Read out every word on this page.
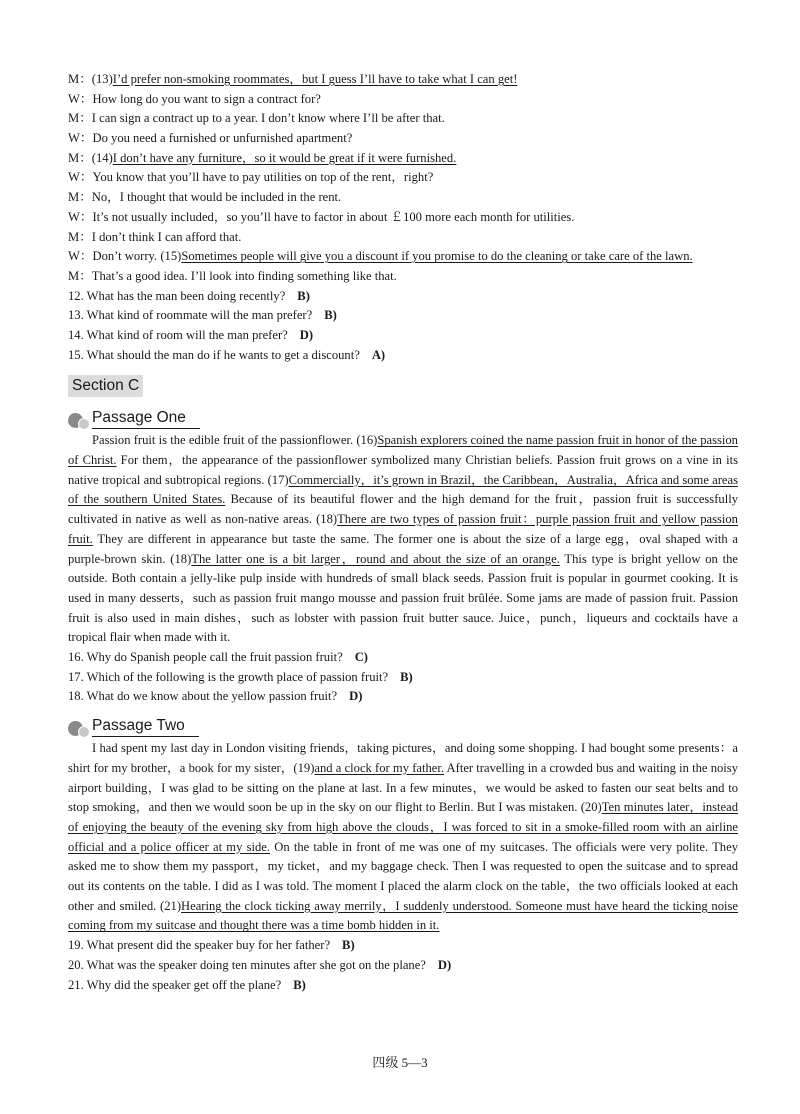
M：(13)I’d prefer non-smoking roommates，but I guess I’ll have to take what I can get!
W：How long do you want to sign a contract for?
M：I can sign a contract up to a year. I don’t know where I’ll be after that.
W：Do you need a furnished or unfurnished apartment?
M：(14)I don’t have any furniture，so it would be great if it were furnished.
W：You know that you’ll have to pay utilities on top of the rent，right?
M：No，I thought that would be included in the rent.
W：It’s not usually included，so you’ll have to factor in about ￡100 more each month for utilities.
M：I don’t think I can afford that.
W：Don’t worry. (15)Sometimes people will give you a discount if you promise to do the cleaning or take care of the lawn.
M：That’s a good idea. I’ll look into finding something like that.
12. What has the man been doing recently? B)
13. What kind of roommate will the man prefer? B)
14. What kind of room will the man prefer? D)
15. What should the man do if he wants to get a discount? A)
Section C
Passage One
Passion fruit is the edible fruit of the passionflower. (16)Spanish explorers coined the name passion fruit in honor of the passion of Christ. For them，the appearance of the passionflower symbolized many Christian beliefs. Passion fruit grows on a vine in its native tropical and subtropical regions. (17)Commercially，it’s grown in Brazil，the Caribbean，Australia，Africa and some areas of the southern United States. Because of its beautiful flower and the high demand for the fruit，passion fruit is successfully cultivated in native as well as non-native areas. (18)There are two types of passion fruit：purple passion fruit and yellow passion fruit. They are different in appearance but taste the same. The former one is about the size of a large egg，oval shaped with a purple-brown skin. (18)The latter one is a bit larger，round and about the size of an orange. This type is bright yellow on the outside. Both contain a jelly-like pulp inside with hundreds of small black seeds. Passion fruit is popular in gourmet cooking. It is used in many desserts，such as passion fruit mango mousse and passion fruit brûlée. Some jams are made of passion fruit. Passion fruit is also used in main dishes，such as lobster with passion fruit butter sauce. Juice，punch，liqueurs and cocktails have a tropical flair when made with it.
16. Why do Spanish people call the fruit passion fruit? C)
17. Which of the following is the growth place of passion fruit? B)
18. What do we know about the yellow passion fruit? D)
Passage Two
I had spent my last day in London visiting friends，taking pictures，and doing some shopping. I had bought some presents：a shirt for my brother，a book for my sister，(19)and a clock for my father. After travelling in a crowded bus and waiting in the noisy airport building，I was glad to be sitting on the plane at last. In a few minutes，we would be asked to fasten our seat belts and to stop smoking，and then we would soon be up in the sky on our flight to Berlin. But I was mistaken. (20)Ten minutes later，instead of enjoying the beauty of the evening sky from high above the clouds，I was forced to sit in a smoke-filled room with an airline official and a police officer at my side. On the table in front of me was one of my suitcases. The officials were very polite. They asked me to show them my passport，my ticket，and my baggage check. Then I was requested to open the suitcase and to spread out its contents on the table. I did as I was told. The moment I placed the alarm clock on the table，the two officials looked at each other and smiled. (21)Hearing the clock ticking away merrily，I suddenly understood. Someone must have heard the ticking noise coming from my suitcase and thought there was a time bomb hidden in it.
19. What present did the speaker buy for her father? B)
20. What was the speaker doing ten minutes after she got on the plane? D)
21. Why did the speaker get off the plane? B)
四级 5—3
